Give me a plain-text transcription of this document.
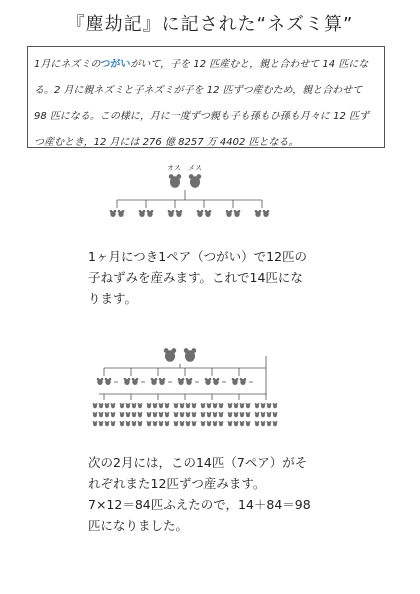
『塵劫記』に記された“ネズミ算”
1月にネズミのつがいがいて，子を 12 匹産むと，親と合わせて 14 匹になる。2 月に親ネズミと子ネズミが子を 12 匹ずつ産むため，親と合わせて 98 匹になる。この様に，月に一度ずつ親も子も孫もひ孫も月々に 12 匹ずつ産むとき，12 月には 276 億 8257 万 4402 匹となる。
オス メス
1ヶ月につき1ペア（つがい）で12匹の子ねずみを産みます。これで14匹になります。
次の2月には，この14匹（7ペア）がそれぞれまた12匹ずつ産みます。
7×12＝84匹ふえたので，14＋84＝98匹になりました。
